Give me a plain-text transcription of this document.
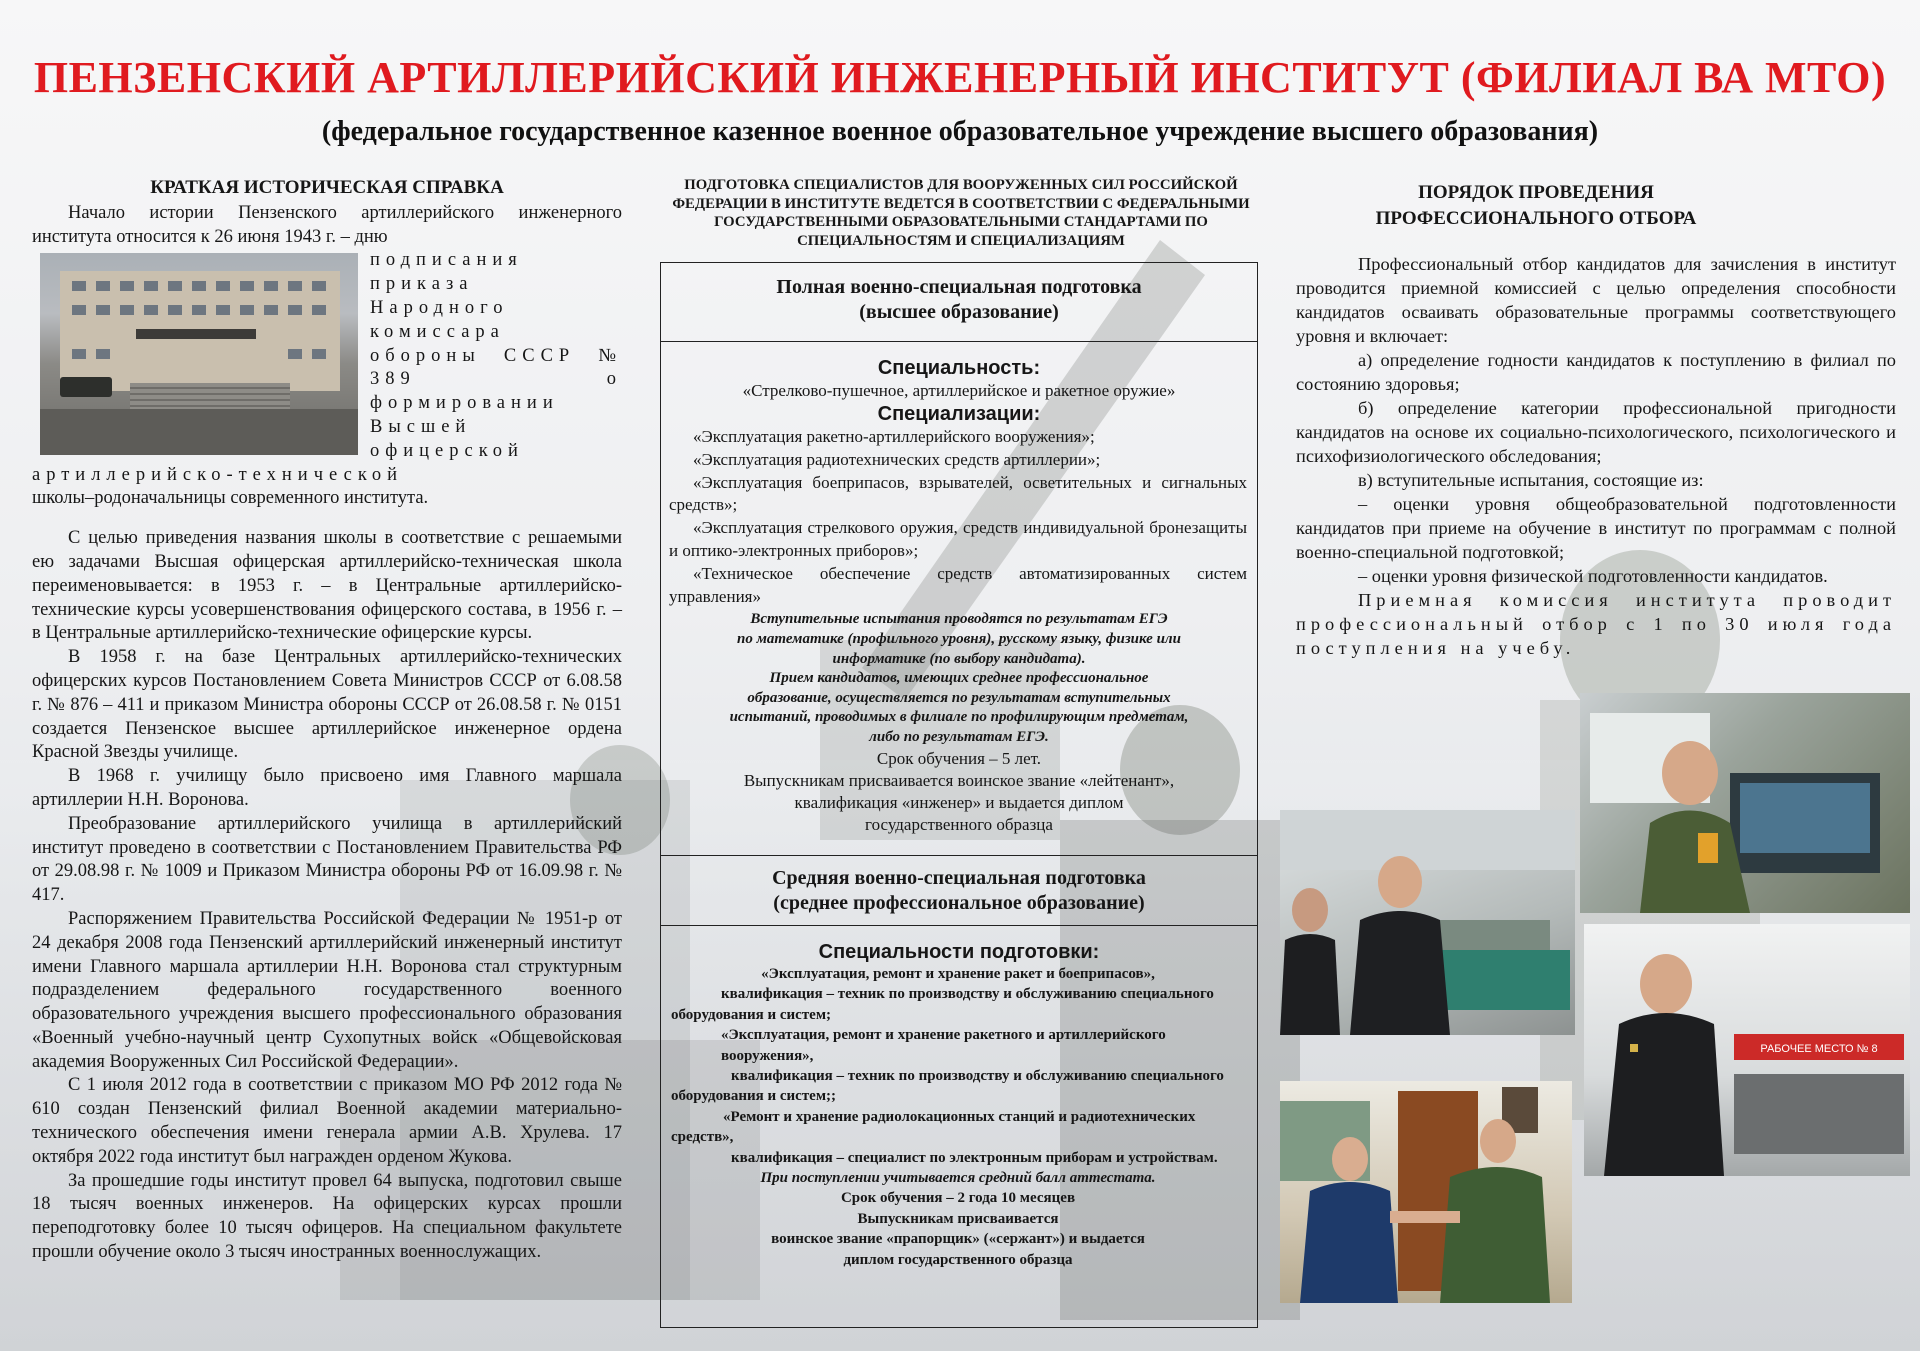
ПЕНЗЕНСКИЙ АРТИЛЛЕРИЙСКИЙ ИНЖЕНЕРНЫЙ ИНСТИТУТ (ФИЛИАЛ ВА МТО)
(федеральное государственное казенное военное образовательное учреждение высшего образования)
КРАТКАЯ ИСТОРИЧЕСКАЯ СПРАВКА

Начало истории Пензенского артиллерийского инженерного института относится к 26 июня 1943 г. – дню

подписания приказа Народного комиссара обороны СССР № 389 о формировании Высшей

офицерской артиллерийско-технической

школы–родоначальницы современного института.

С целью приведения названия школы в соответствие с решаемыми ею задачами Высшая офицерская артиллерийско-техническая школа переименовывается: в 1953 г. – в Центральные артиллерийско-технические курсы усовершенствования офицерского состава, в 1956 г. – в Центральные артиллерийско-технические офицерские курсы.

В 1958 г. на базе Центральных артиллерийско-технических офицерских курсов Постановлением Совета Министров СССР от 6.08.58 г. № 876 – 411 и приказом Министра обороны СССР от 26.08.58 г. № 0151 создается Пензенское высшее артиллерийское инженерное ордена Красной Звезды училище.

В 1968 г. училищу было присвоено имя Главного маршала артиллерии Н.Н. Воронова.

Преобразование артиллерийского училища в артиллерийский институт проведено в соответствии с Постановлением Правительства РФ от 29.08.98 г. № 1009 и Приказом Министра обороны РФ от 16.09.98 г. № 417.

Распоряжением Правительства Российской Федерации № 1951-р от 24 декабря 2008 года Пензенский артиллерийский инженерный институт имени Главного маршала артиллерии Н.Н. Воронова стал структурным подразделением федерального государственного военного образовательного учреждения высшего профессионального образования «Военный учебно-научный центр Сухопутных войск «Общевойсковая академия Вооруженных Сил Российской Федерации».

С 1 июля 2012 года в соответствии с приказом МО РФ 2012 года № 610 создан Пензенский филиал Военной академии материально-технического обеспечения имени генерала армии А.В. Хрулева. 17 октября 2022 года институт был награжден орденом Жукова.

За прошедшие годы институт провел 64 выпуска, подготовил свыше 18 тысяч военных инженеров. На офицерских курсах прошли переподготовку более 10 тысяч офицеров. На специальном факультете прошли обучение около 3 тысяч иностранных военнослужащих.

ПОДГОТОВКА СПЕЦИАЛИСТОВ ДЛЯ ВООРУЖЕННЫХ СИЛ РОССИЙСКОЙ ФЕДЕРАЦИИ В ИНСТИТУТЕ ВЕДЕТСЯ В СООТВЕТСТВИИ С ФЕДЕРАЛЬНЫМИ ГОСУДАРСТВЕННЫМИ ОБРАЗОВАТЕЛЬНЫМИ СТАНДАРТАМИ ПО СПЕЦИАЛЬНОСТЯМ И СПЕЦИАЛИЗАЦИЯМ
Полная военно-специальная подготовка
(высшее образование)
Специальность:
«Стрелково-пушечное, артиллерийское и ракетное оружие»
Специализации:
«Эксплуатация ракетно-артиллерийского вооружения»;
«Эксплуатация радиотехнических средств артиллерии»;
«Эксплуатация боеприпасов, взрывателей, осветительных и сигнальных средств»;
«Эксплуатация стрелкового оружия, средств индивидуальной бронезащиты и оптико-электронных приборов»;
«Техническое обеспечение средств автоматизированных систем управления»
Вступительные испытания проводятся по результатам ЕГЭ
по математике (профильного уровня), русскому языку, физике или
информатике (по выбору кандидата).
Прием кандидатов, имеющих среднее профессиональное
образование, осуществляется по результатам вступительных
испытаний, проводимых в филиале по профилирующим предметам,
либо по результатам ЕГЭ.
Срок обучения – 5 лет.
Выпускникам присваивается воинское звание «лейтенант»,
квалификация «инженер» и выдается диплом
государственного образца
Средняя военно-специальная подготовка
(среднее профессиональное образование)
Специальности подготовки:
«Эксплуатация, ремонт и хранение ракет и боеприпасов»,
квалификация – техник по производству и обслуживанию специального оборудования и систем;
«Эксплуатация, ремонт и хранение ракетного и артиллерийского
вооружения»,
квалификация – техник по производству и обслуживанию специального оборудования и систем;;
«Ремонт и хранение радиолокационных станций и радиотехнических средств»,
квалификация – специалист по электронным приборам и устройствам.
При поступлении учитывается средний балл аттестата.
Срок обучения – 2 года 10 месяцев
Выпускникам присваивается
воинское звание «прапорщик» («сержант») и выдается
диплом государственного образца
ПОРЯДОК ПРОВЕДЕНИЯ
ПРОФЕССИОНАЛЬНОГО ОТБОРА

Профессиональный отбор кандидатов для зачисления в институт проводится приемной комиссией с целью определения способности кандидатов осваивать образовательные программы соответствующего уровня и включает:

а) определение годности кандидатов к поступлению в филиал по состоянию здоровья;

б) определение категории профессиональной пригодности кандидатов на основе их социально-психологического, психологического и психофизиологического обследования;

в) вступительные испытания, состоящие из:

– оценки уровня общеобразовательной подготовленности кандидатов при приеме на обучение в институт по программам с полной военно-специальной подготовкой;

– оценки уровня физической подготовленности кандидатов.

Приемная комиссия института проводит профессиональный отбор с 1 по 30 июля года поступления на учебу.

РАБОЧЕЕ МЕСТО № 8
